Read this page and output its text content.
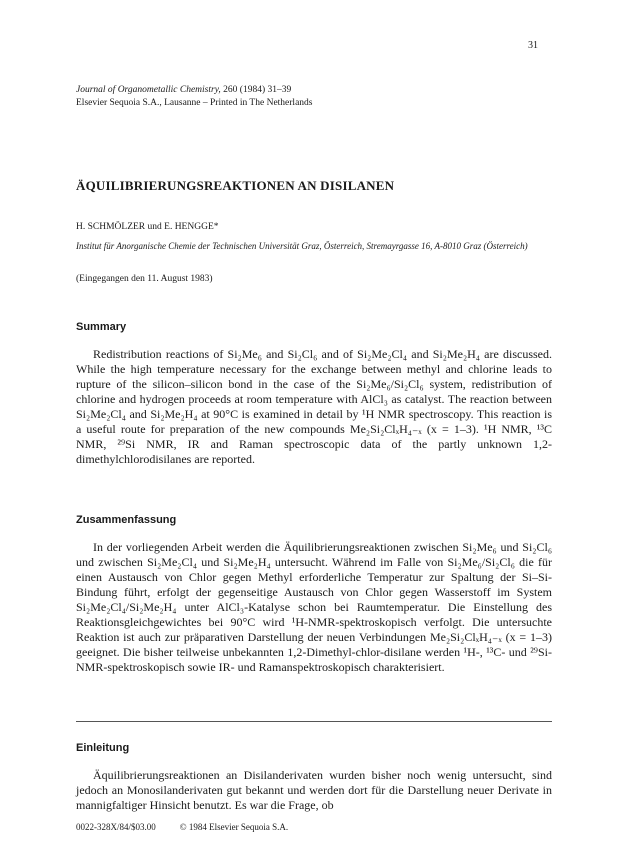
31
Journal of Organometallic Chemistry, 260 (1984) 31–39
Elsevier Sequoia S.A., Lausanne – Printed in The Netherlands
ÄQUILIBRIERUNGSREAKTIONEN AN DISILANEN
H. SCHMÖLZER und E. HENGGE*
Institut für Anorganische Chemie der Technischen Universität Graz, Österreich, Stremayrgasse 16, A-8010 Graz (Österreich)
(Eingegangen den 11. August 1983)
Summary

Redistribution reactions of Si₂Me₆ and Si₂Cl₆ and of Si₂Me₂Cl₄ and Si₂Me₂H₄ are discussed. While the high temperature necessary for the exchange between methyl and chlorine leads to rupture of the silicon–silicon bond in the case of the Si₂Me₆/Si₂Cl₆ system, redistribution of chlorine and hydrogen proceeds at room temperature with AlCl₃ as catalyst. The reaction between Si₂Me₂Cl₄ and Si₂Me₂H₄ at 90°C is examined in detail by ¹H NMR spectroscopy. This reaction is a useful route for preparation of the new compounds Me₂Si₂ClₓH₄₋ₓ (x = 1–3). ¹H NMR, ¹³C NMR, ²⁹Si NMR, IR and Raman spectroscopic data of the partly unknown 1,2-dimethylchlorodisilanes are reported.

Zusammenfassung

In der vorliegenden Arbeit werden die Äquilibrierungsreaktionen zwischen Si₂Me₆ und Si₂Cl₆ und zwischen Si₂Me₂Cl₄ und Si₂Me₂H₄ untersucht. Während im Falle von Si₂Me₆/Si₂Cl₆ die für einen Austausch von Chlor gegen Methyl erforderliche Temperatur zur Spaltung der Si–Si-Bindung führt, erfolgt der gegenseitige Austausch von Chlor gegen Wasserstoff im System Si₂Me₂Cl₄/Si₂Me₂H₄ unter AlCl₃-Katalyse schon bei Raumtemperatur. Die Einstellung des Reaktionsgleichgewichtes bei 90°C wird ¹H-NMR-spektroskopisch verfolgt. Die untersuchte Reaktion ist auch zur präparativen Darstellung der neuen Verbindungen Me₂Si₂ClₓH₄₋ₓ (x = 1–3) geeignet. Die bisher teilweise unbekannten 1,2-Dimethyl-chlor-disilane werden ¹H-, ¹³C- und ²⁹Si-NMR-spektroskopisch sowie IR- und Ramanspektroskopisch charakterisiert.

Einleitung

Äquilibrierungsreaktionen an Disilanderivaten wurden bisher noch wenig untersucht, sind jedoch an Monosilanderivaten gut bekannt und werden dort für die Darstellung neuer Derivate in mannigfaltiger Hinsicht benutzt. Es war die Frage, ob

0022-328X/84/$03.00	© 1984 Elsevier Sequoia S.A.
